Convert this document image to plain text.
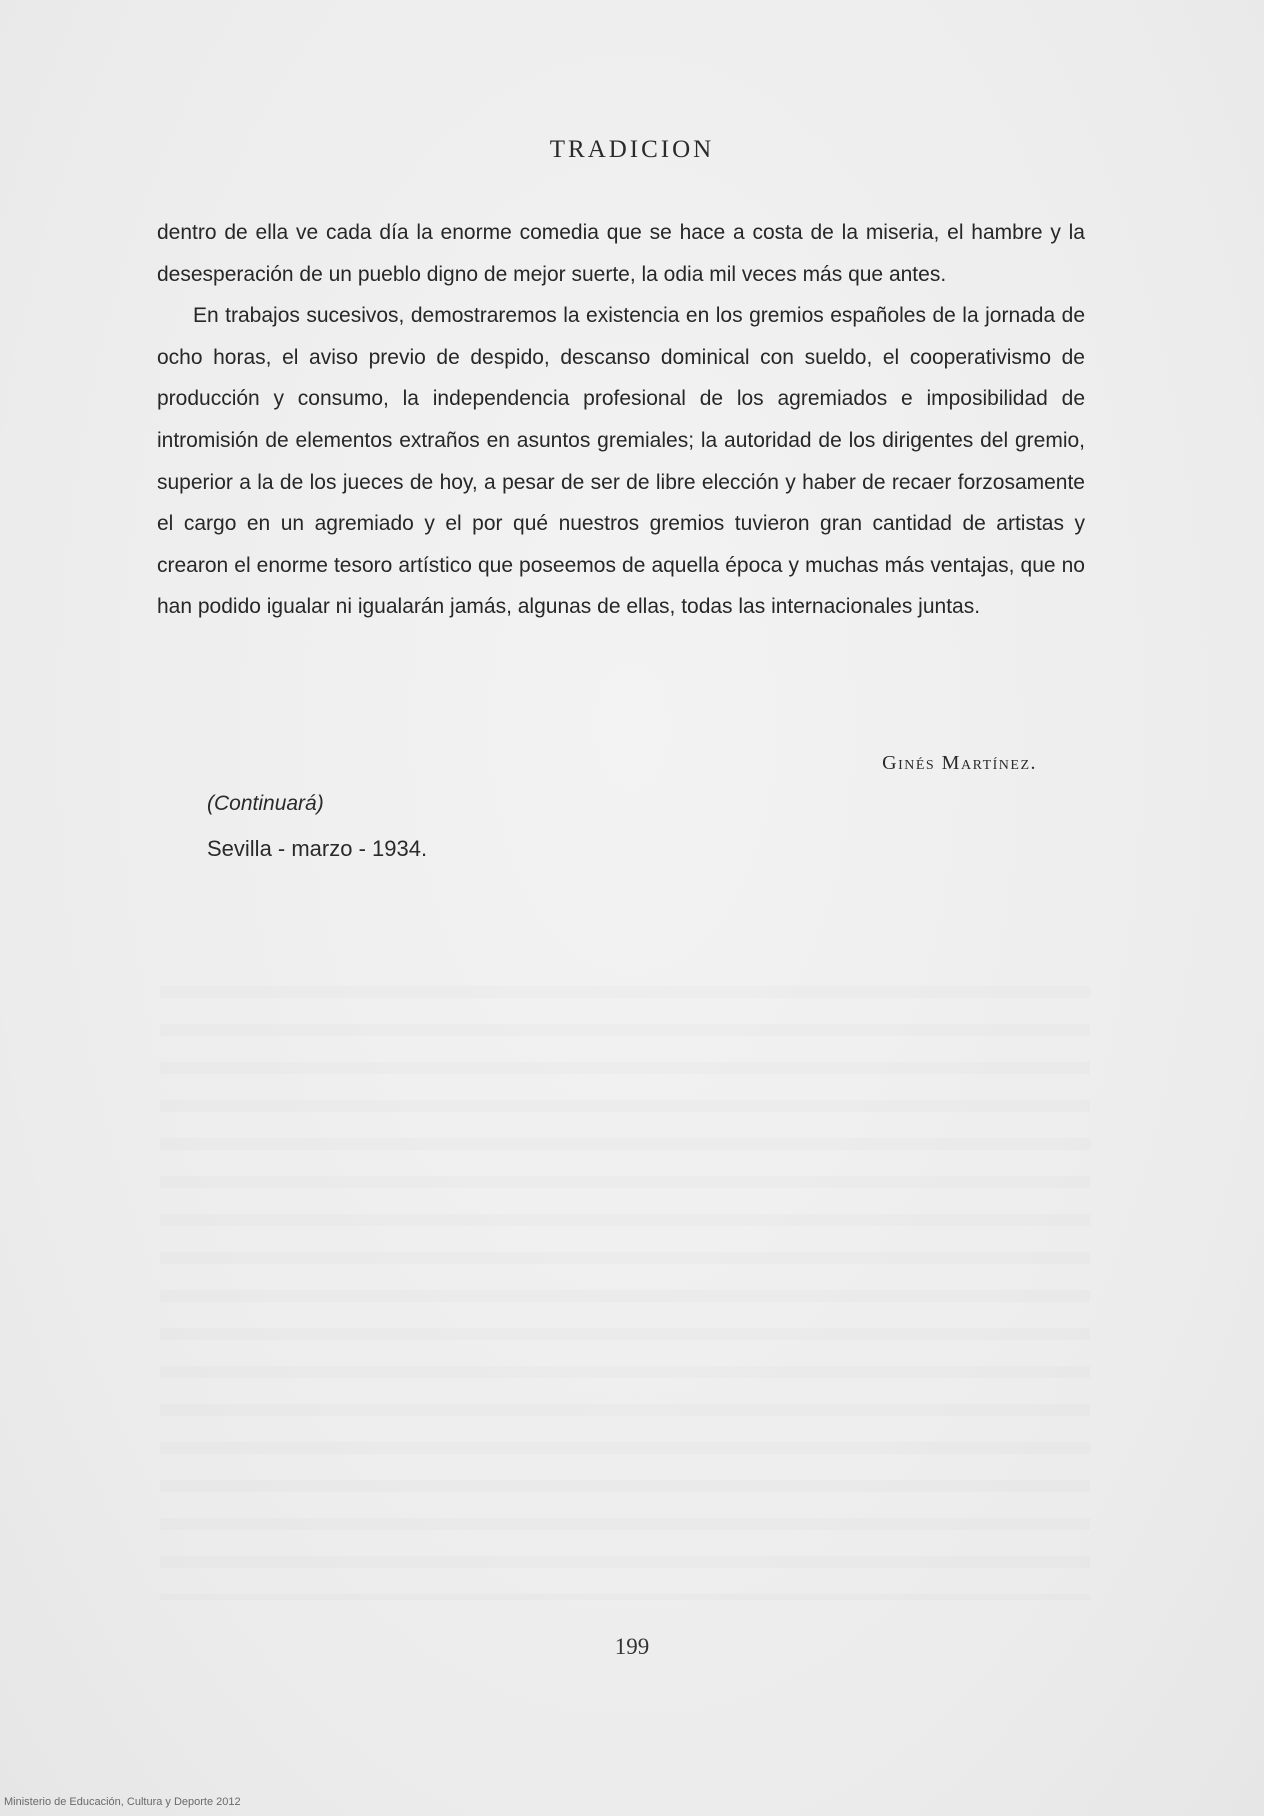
TRADICION

dentro de ella ve cada día la enorme comedia que se hace a costa de la miseria, el hambre y la desesperación de un pueblo digno de mejor suerte, la odia mil veces más que antes.

En trabajos sucesivos, demostraremos la existencia en los gremios españoles de la jornada de ocho horas, el aviso previo de despido, descanso dominical con sueldo, el cooperativismo de producción y consumo, la independencia profesional de los agremiados e imposibilidad de intromisión de elementos extraños en asuntos gremiales; la autoridad de los dirigentes del gremio, superior a la de los jueces de hoy, a pesar de ser de libre elección y haber de recaer forzosamente el cargo en un agremiado y el por qué nuestros gremios tuvieron gran cantidad de artistas y crearon el enorme tesoro artístico que poseemos de aquella época y muchas más ventajas, que no han podido igualar ni igualarán jamás, algunas de ellas, todas las internacionales juntas.

Ginés Martínez.
(Continuará)
Sevilla - marzo - 1934.
199
Ministerio de Educación, Cultura y Deporte 2012
